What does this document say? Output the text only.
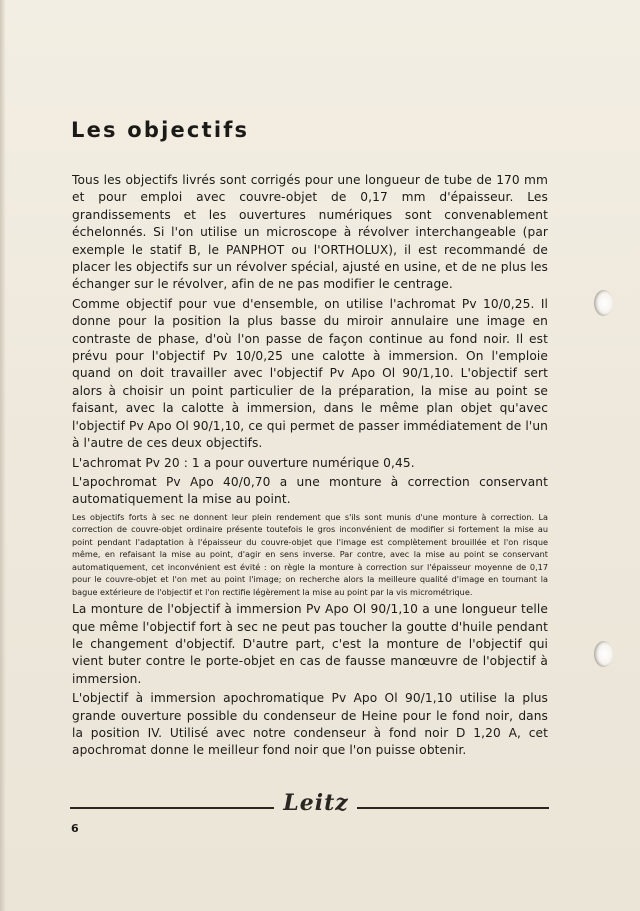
Les objectifs

Tous les objectifs livrés sont corrigés pour une longueur de tube de 170 mm et pour emploi avec couvre-objet de 0,17 mm d'épaisseur. Les grandissements et les ouvertures numériques sont convenablement échelonnés. Si l'on utilise un microscope à révolver interchangeable (par exemple le statif B, le PANPHOT ou l'ORTHOLUX), il est recommandé de placer les objectifs sur un révolver spécial, ajusté en usine, et de ne plus les échanger sur le révolver, afin de ne pas modifier le centrage.

Comme objectif pour vue d'ensemble, on utilise l'achromat Pv 10/0,25. Il donne pour la position la plus basse du miroir annulaire une image en contraste de phase, d'où l'on passe de façon continue au fond noir. Il est prévu pour l'objectif Pv 10/0,25 une calotte à immersion. On l'emploie quand on doit travailler avec l'objectif Pv Apo Ol 90/1,10. L'objectif sert alors à choisir un point particulier de la préparation, la mise au point se faisant, avec la calotte à immersion, dans le même plan objet qu'avec l'objectif Pv Apo Ol 90/1,10, ce qui permet de passer immédiatement de l'un à l'autre de ces deux objectifs.

L'achromat Pv 20 : 1 a pour ouverture numérique 0,45.

L'apochromat Pv Apo 40/0,70 a une monture à correction conservant automatiquement la mise au point.

Les objectifs forts à sec ne donnent leur plein rendement que s'ils sont munis d'une monture à correction. La correction de couvre-objet ordinaire présente toutefois le gros inconvénient de modifier si fortement la mise au point pendant l'adaptation à l'épaisseur du couvre-objet que l'image est complètement brouillée et l'on risque même, en refaisant la mise au point, d'agir en sens inverse. Par contre, avec la mise au point se conservant automatiquement, cet inconvénient est évité : on règle la monture à correction sur l'épaisseur moyenne de 0,17 pour le couvre-objet et l'on met au point l'image; on recherche alors la meilleure qualité d'image en tournant la bague extérieure de l'objectif et l'on rectifie légèrement la mise au point par la vis micrométrique.

La monture de l'objectif à immersion Pv Apo Ol 90/1,10 a une longueur telle que même l'objectif fort à sec ne peut pas toucher la goutte d'huile pendant le changement d'objectif. D'autre part, c'est la monture de l'objectif qui vient buter contre le porte-objet en cas de fausse manœuvre de l'objectif à immersion.

L'objectif à immersion apochromatique Pv Apo Ol 90/1,10 utilise la plus grande ouverture possible du condenseur de Heine pour le fond noir, dans la position IV. Utilisé avec notre condenseur à fond noir D 1,20 A, cet apochromat donne le meilleur fond noir que l'on puisse obtenir.

Leitz
6
